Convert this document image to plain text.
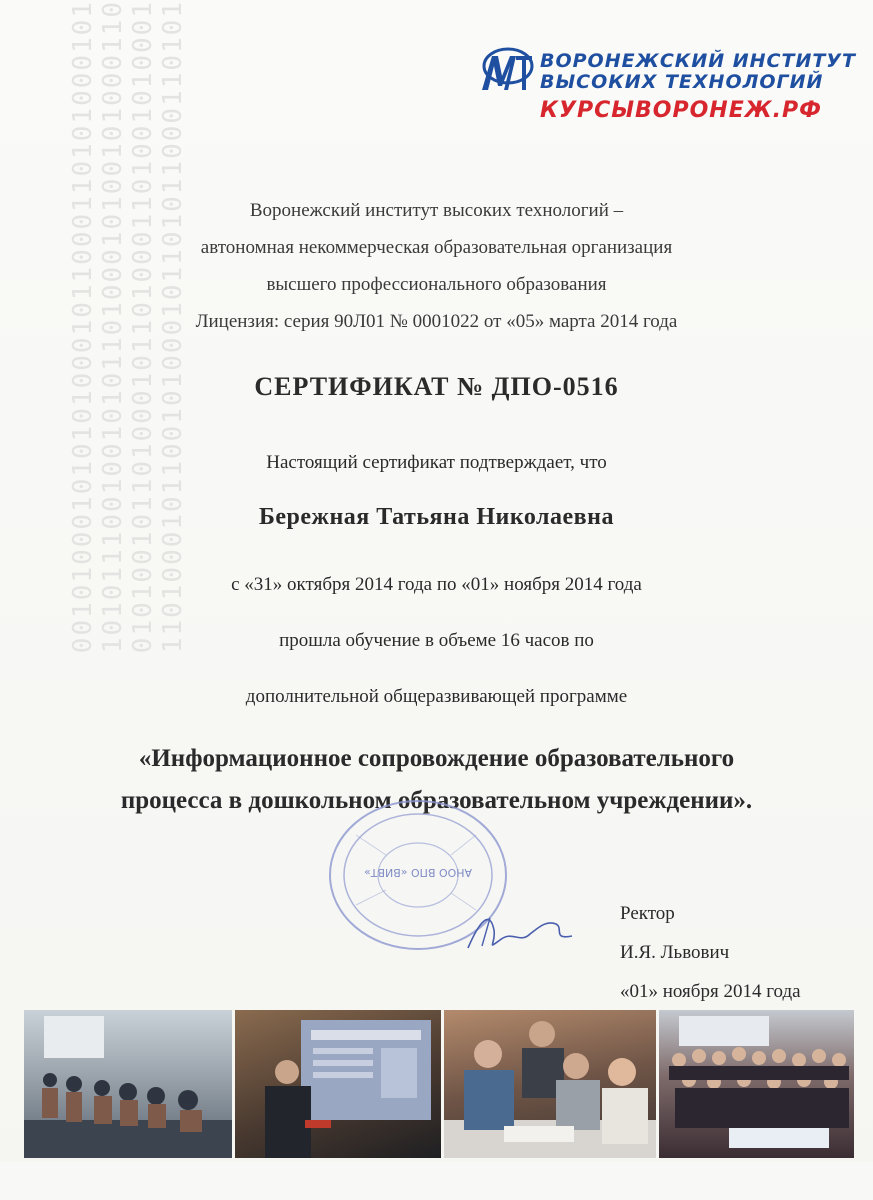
0010100010101010001011000110101000101 1010111001001010110100010100101000110 0101001011010001011010001101001010001 1101000101100101000101101011000110101	ВОРОНЕЖСКИЙ ИНСТИТУТ
ВЫСОКИХ ТЕХНОЛОГИЙ
КУРСЫВОРОНЕЖ.РФ
Воронежский институт высоких технологий –
автономная некоммерческая образовательная организация
высшего профессионального образования
Лицензия: серия 90Л01 № 0001022 от «05» марта 2014 года
СЕРТИФИКАТ № ДПО-0516
Настоящий сертификат подтверждает, что
Бережная Татьяна Николаевна
с «31» октября 2014 года по «01» ноября 2014 года
прошла обучение в объеме 16 часов по
дополнительной общеразвивающей программе
«Информационное сопровождение образовательного
процесса в дошкольном образовательном учреждении».
АНОО ВПО «ВИВТ»
Ректор
И.Я. Львович
«01» ноября 2014 года
